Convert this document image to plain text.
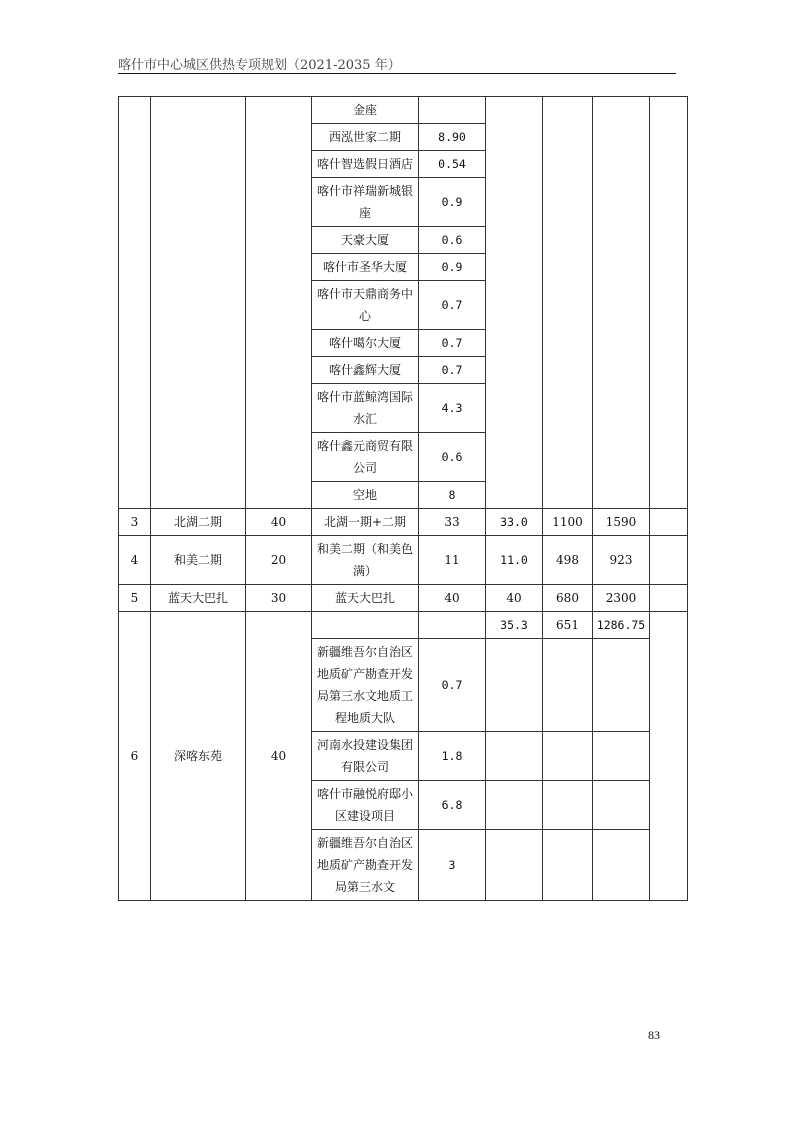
喀什市中心城区供热专项规划（2021-2035 年）
			金座					
			西泓世家二期	8.90				
			喀什智选假日酒店	0.54				
			喀什市祥瑞新城银座	0.9				
			天豪大厦	0.6				
			喀什市圣华大厦	0.9				
			喀什市天鼎商务中心	0.7				
			喀什噶尔大厦	0.7				
			喀什鑫辉大厦	0.7				
			喀什市蓝鲸湾国际水汇	4.3				
			喀什鑫元商贸有限公司	0.6				
			空地	8				
3	北湖二期	40	北湖一期+二期	33	33.0	1100	1590	
4	和美二期	20	和美二期（和美色满）	11	11.0	498	923	
5	蓝天大巴扎	30	蓝天大巴扎	40	40	680	2300	
6	深喀东苑	40			35.3	651	1286.75	
			新疆维吾尔自治区地质矿产勘查开发局第三水文地质工程地质大队	0.7				
			河南水投建设集团有限公司	1.8				
			喀什市融悦府邸小区建设项目	6.8				
			新疆维吾尔自治区地质矿产勘查开发局第三水文	3				
83
